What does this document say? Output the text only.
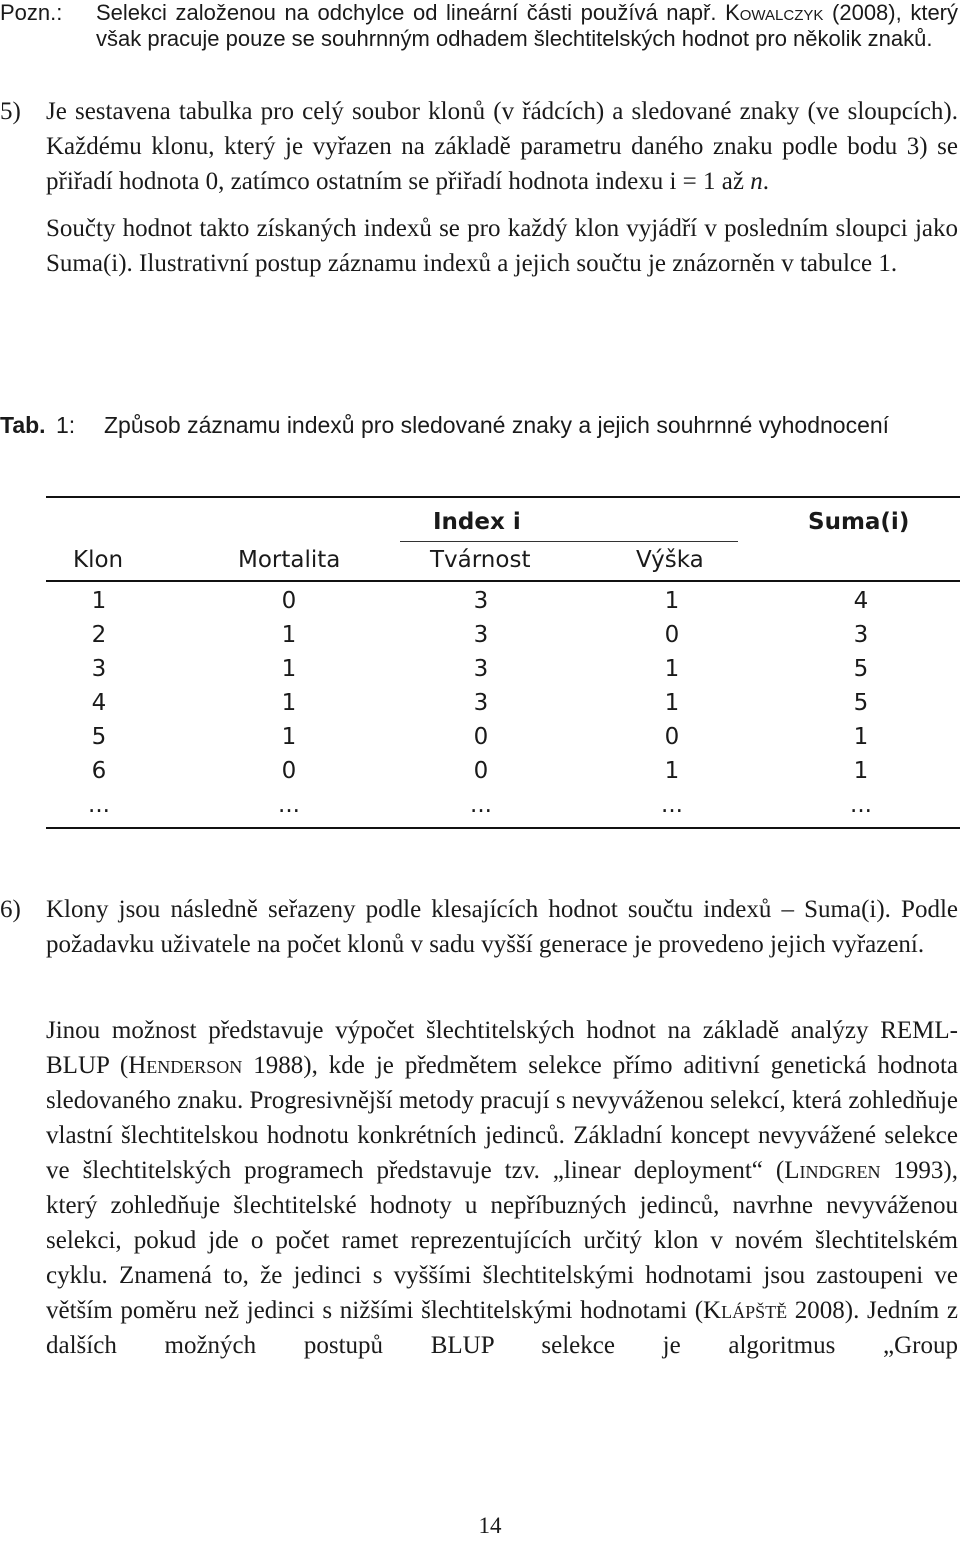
Pozn.: Selekci založenou na odchylce od lineární části používá např. Kowalczyk (2008), který však pracuje pouze se souhrnným odhadem šlechtitelských hodnot pro několik znaků.
5) Je sestavena tabulka pro celý soubor klonů (v řádcích) a sledované znaky (ve sloupcích). Každému klonu, který je vyřazen na základě parametru daného znaku podle bodu 3) se přiřadí hodnota 0, zatímco ostatním se přiřadí hodnota indexu i = 1 až n.
Součty hodnot takto získaných indexů se pro každý klon vyjádří v posledním sloupci jako Suma(i). Ilustrativní postup záznamu indexů a jejich součtu je znázorněn v tabulce 1.
Tab. 1: Způsob záznamu indexů pro sledované znaky a jejich souhrnné vyhodnocení
Index i	Suma(i)
Klon	Mortalita	Tvárnost	Výška
1	0	3	1	4
2	1	3	0	3
3	1	3	1	5
4	1	3	1	5
5	1	0	0	1
6	0	0	1	1
...	...	...	...	...
6) Klony jsou následně seřazeny podle klesajících hodnot součtu indexů – Suma(i). Podle požadavku uživatele na počet klonů v sadu vyšší generace je provedeno jejich vyřazení.
Jinou možnost představuje výpočet šlechtitelských hodnot na základě analýzy REML-BLUP (Henderson 1988), kde je předmětem selekce přímo aditivní genetická hodnota sledovaného znaku. Progresivnější metody pracují s nevyváženou selekcí, která zohledňuje vlastní šlechtitelskou hodnotu konkrétních jedinců. Základní koncept nevyvážené selekce ve šlechtitelských programech představuje tzv. „linear deployment“ (Lindgren 1993), který zohledňuje šlechtitelské hodnoty u nepříbuzných jedinců, navrhne nevyváženou selekci, pokud jde o počet ramet reprezentujících určitý klon v novém šlechtitelském cyklu. Znamená to, že jedinci s vyššími šlechtitelskými hodnotami jsou zastoupeni ve větším poměru než jedinci s nižšími šlechtitelskými hodnotami (Klápště 2008). Jedním z dalších možných postupů BLUP selekce je algoritmus „Group
14
